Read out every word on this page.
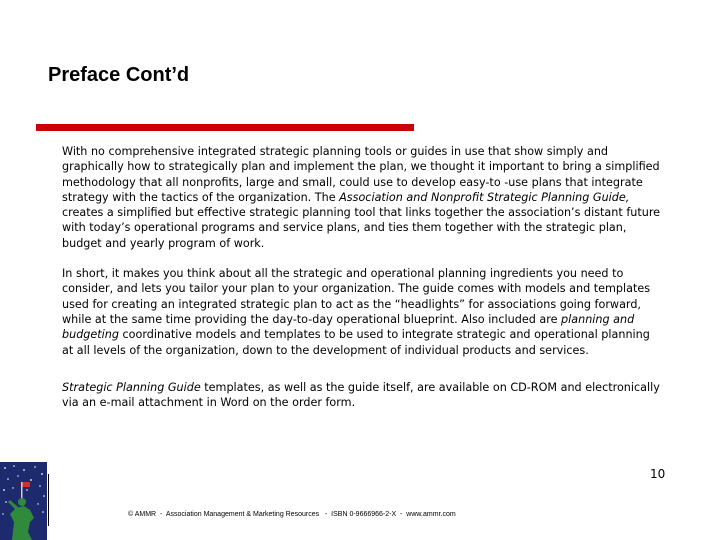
Preface Cont’d

With no comprehensive integrated strategic planning tools or guides in use that show simply and graphically how to strategically plan and implement the plan, we thought it important to bring a simplified methodology that all nonprofits, large and small, could use to develop easy-to -use plans that integrate strategy with the tactics of the organization. The Association and Nonprofit Strategic Planning Guide, creates a simplified but effective strategic planning tool that links together the association’s distant future with today’s operational programs and service plans, and ties them together with the strategic plan, budget and yearly program of work.

In short, it makes you think about all the strategic and operational planning ingredients you need to consider, and lets you tailor your plan to your organization. The guide comes with models and templates used for creating an integrated strategic plan to act as the “headlights” for associations going forward, while at the same time providing the day-to-day operational blueprint. Also included are planning and budgeting coordinative models and templates to be used to integrate strategic and operational planning at all levels of the organization, down to the development of individual products and services.

Strategic Planning Guide templates, as well as the guide itself, are available on CD-ROM and electronically via an e-mail attachment in Word on the order form.

10
© AMMR  -  Association Management & Marketing Resources   -  ISBN 0-9666966-2-X  -  www.ammr.com
